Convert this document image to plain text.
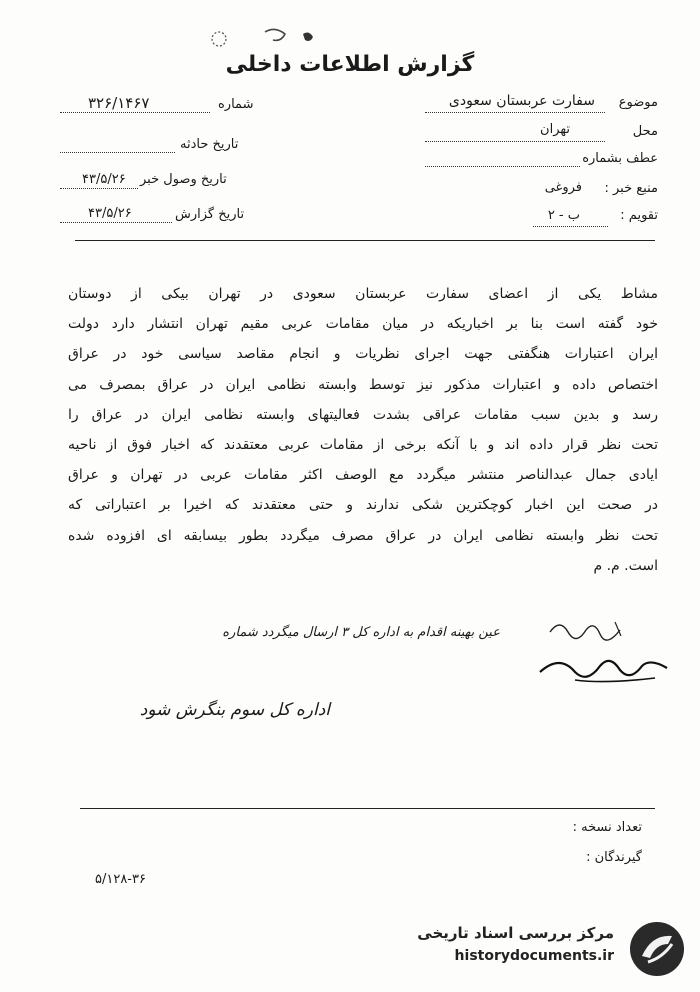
گزارش اطلاعات داخلی
موضوع
سفارت عربستان سعودی
محل
تهران
عطف بشماره
منبع خبر :
فروغی
تقویم :
ب - ۲
شماره
۳۲۶/۱۴۶۷
تاریخ حادثه
تاریخ وصول خبر
۴۳/۵/۲۶
تاریخ گزارش
۴۳/۵/۲۶
مشاط یکی از اعضای سفارت عربستان سعودی در تهران بیکی از دوستان
خود گفته است بنا بر اخباریکه در میان مقامات عربی مقیم تهران انتشار دارد دولت
ایران اعتبارات هنگفتی جهت اجرای نظریات و انجام مقاصد سیاسی خود در عراق
اختصاص داده و اعتبارات مذکور نیز توسط وابسته نظامی ایران در عراق بمصرف می
رسد و بدین سبب مقامات عراقی بشدت فعالیتهای وابسته نظامی ایران در عراق را
تحت نظر قرار داده اند و با آنکه برخی از مقامات عربی معتقدند که اخبار فوق از ناحیه
ایادی جمال عبدالناصر منتشر میگردد مع الوصف اکثر مقامات عربی در تهران و عراق
در صحت این اخبار کوچکترین شکی ندارند و حتی معتقدند که اخیرا بر اعتباراتی که
تحت نظر وابسته نظامی ایران در عراق مصرف میگردد بطور بیسابقه ای افزوده شده
است. م. م
عین بهینه اقدام به اداره کل ۳ ارسال میگردد شماره
اداره کل سوم بنگرش شود
تعداد نسخه :
گیرندگان :
۵/۱۲۸-۳۶
مرکز بررسی اسناد تاریخی
historydocuments.ir
